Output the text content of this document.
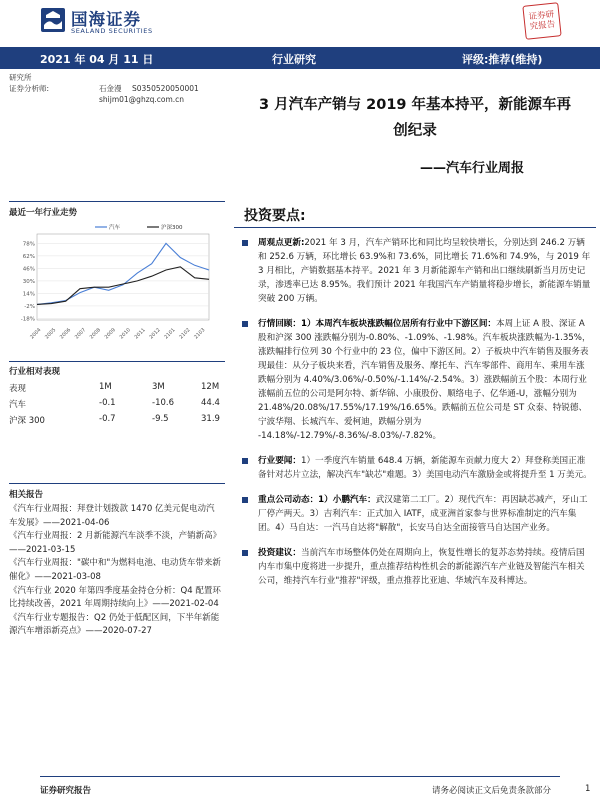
国海证券
SEALAND SECURITIES
证券研
究报告
2021 年 04 月 11 日	行业研究	评级:推荐(维持)
研究所
证券分析师:	石金漫 S0350520050001
shijm01@ghzq.com.cn
最近一年行业走势
-18%
-2%
14%
30%
46%
62%
78%
2004 2005 2006 2007 2008 2009 2010 2011 2012 2101 2102 2103
汽车	沪深300
行业相对表现
表现	1M	3M	12M
汽车	-0.1	-10.6	44.4
沪深 300	-0.7	-9.5	31.9
相关报告
《汽车行业周报：拜登计划拨款 1470 亿美元促电动汽车发展》——2021-04-06
《汽车行业周报：2 月新能源汽车淡季不淡，产销新高》——2021-03-15
《汽车行业周报："碳中和"为燃料电池、电动货车带来新催化》——2021-03-08
《汽车行业 2020 年第四季度基金持仓分析：Q4 配置环比持续改善，2021 年周期持续向上》——2021-02-04
《汽车行业专题报告：Q2 仍处于低配区间，下半年新能源汽车增添新亮点》——2020-07-27
3 月汽车产销与 2019 年基本持平，新能源车再
创纪录
——汽车行业周报
投资要点:
周观点更新:2021 年 3 月，汽车产销环比和同比均呈较快增长，分别达到 246.2 万辆和 252.6 万辆，环比增长 63.9%和 73.6%，同比增长 71.6%和 74.9%，与 2019 年 3 月相比，产销数据基本持平。2021 年 3 月新能源车产销和出口继续刷新当月历史记录，渗透率已达 8.95%。我们预计 2021 年我国汽车产销量将稳步增长，新能源车销量突破 200 万辆。
行情回顾：1）本周汽车板块涨跌幅位居所有行业中下游区间：本周上证 A 股、深证 A 股和沪深 300 涨跌幅分别为-0.80%、-1.09%、-1.98%。汽车板块涨跌幅为-1.35%，涨跌幅排行位列 30 个行业中的 23 位，偏中下游区间。2）子板块中汽车销售及服务表现最佳：从分子板块来看，汽车销售及服务、摩托车、汽车零部件、商用车、乘用车涨跌幅分别为 4.40%/3.06%/-0.50%/-1.14%/-2.54%。3）涨跌幅前五个股：本周行业涨幅前五位的公司是阿尔特、新华锦、小康股份、顺络电子、亿华通-U，涨幅分别为 21.48%/20.08%/17.55%/17.19%/16.65%。跌幅前五位公司是 ST 众泰、特锐德、宁波华翔、长城汽车、爱柯迪，跌幅分别为 -14.18%/-12.79%/-8.36%/-8.03%/-7.82%。
行业要闻：1）一季度汽车销量 648.4 万辆，新能源车贡献力度大 2）拜登称美国正准备针对芯片立法，解决汽车"缺芯"难题。3）美国电动汽车激励金或将提升至 1 万美元。
重点公司动态：1）小鹏汽车：武汉建第二工厂。2）现代汽车：再因缺芯减产，牙山工厂停产两天。3）吉利汽车：正式加入 IATF，成亚洲首家参与世界标准制定的汽车集团。4）马自达：一汽马自达将"解散"，长安马自达全面接管马自达国产业务。
投资建议：当前汽车市场整体仍处在周期向上，恢复性增长的复苏态势持续。疫情后国内车市集中度将进一步提升，重点推荐结构性机会的新能源汽车产业链及智能汽车相关公司，维持汽车行业"推荐"评级，重点推荐比亚迪、华域汽车及科博达。
证券研究报告	请务必阅读正文后免责条款部分	1
